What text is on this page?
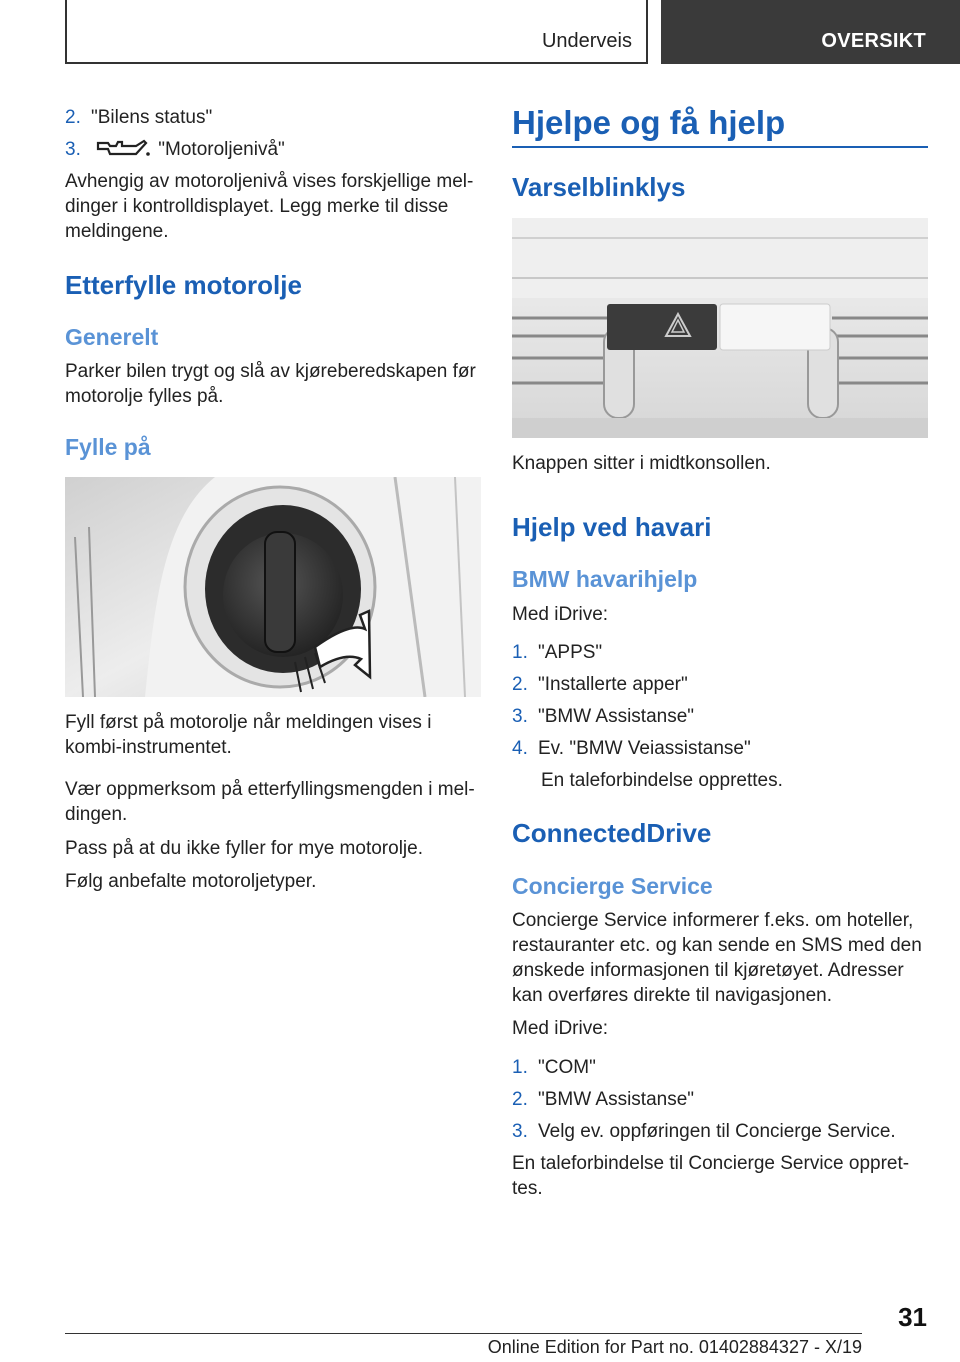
Underveis	OVERSIKT
2. "Bilens status"
3.	"Motoroljenivå"
Avhengig av motoroljenivå vises forskjellige mel-
dinger i kontrolldisplayet. Legg merke til disse
meldingene.
Etterfylle motorolje
Generelt
Parker bilen trygt og slå av kjøreberedskapen før
motorolje fylles på.
Fylle på
Fyll først på motorolje når meldingen vises i
kombi-instrumentet.
Vær oppmerksom på etterfyllingsmengden i mel-
dingen.
Pass på at du ikke fyller for mye motorolje.
Følg anbefalte motoroljetyper.
Hjelpe og få hjelp
Varselblinklys
Knappen sitter i midtkonsollen.
Hjelp ved havari
BMW havarihjelp
Med iDrive:
1. "APPS"
2. "Installerte apper"
3. "BMW Assistanse"
4. Ev. "BMW Veiassistanse"
En taleforbindelse opprettes.
ConnectedDrive
Concierge Service
Concierge Service informerer f.eks. om hoteller,
restauranter etc. og kan sende en SMS med den
ønskede informasjonen til kjøretøyet. Adresser
kan overføres direkte til navigasjonen.
Med iDrive:
1. "COM"
2. "BMW Assistanse"
3. Velg ev. oppføringen til Concierge Service.
En taleforbindelse til Concierge Service oppret-
tes.
31
Online Edition for Part no. 01402884327 - X/19
